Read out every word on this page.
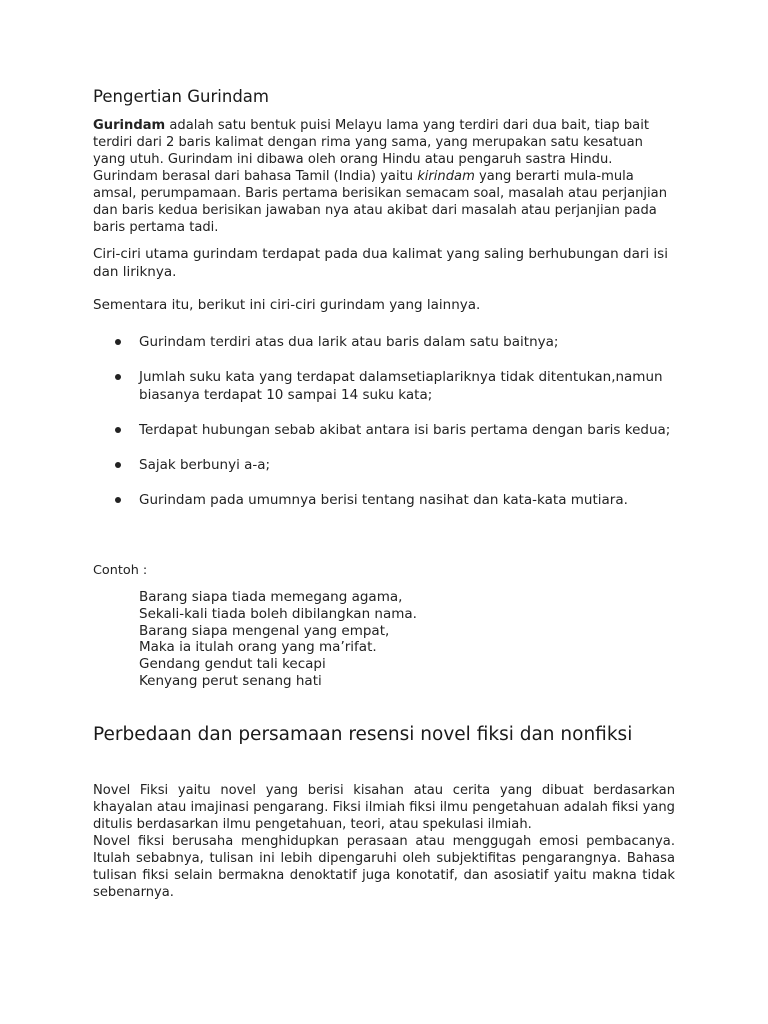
Pengertian Gurindam
Gurindam adalah satu bentuk puisi Melayu lama yang terdiri dari dua bait, tiap bait terdiri dari 2 baris kalimat dengan rima yang sama, yang merupakan satu kesatuan yang utuh. Gurindam ini dibawa oleh orang Hindu atau pengaruh sastra Hindu. Gurindam berasal dari bahasa Tamil (India) yaitu kirindam yang berarti mula-mula amsal, perumpamaan. Baris pertama berisikan semacam soal, masalah atau perjanjian dan baris kedua berisikan jawaban nya atau akibat dari masalah atau perjanjian pada baris pertama tadi.
Ciri-ciri utama gurindam terdapat pada dua kalimat yang saling berhubungan dari isi dan liriknya.
Sementara itu, berikut ini ciri-ciri gurindam yang lainnya.
Gurindam terdiri atas dua larik atau baris dalam satu baitnya;
Jumlah suku kata yang terdapat dalamsetiaplariknya tidak ditentukan,namun biasanya terdapat 10 sampai 14 suku kata;
Terdapat hubungan sebab akibat antara isi baris pertama dengan baris kedua;
Sajak berbunyi a-a;
Gurindam pada umumnya berisi tentang nasihat dan kata-kata mutiara.
Contoh :
Barang siapa tiada memegang agama,
Sekali-kali tiada boleh dibilangkan nama.
Barang siapa mengenal yang empat,
Maka ia itulah orang yang ma’rifat.
Gendang gendut tali kecapi
Kenyang perut senang hati
Perbedaan dan persamaan resensi novel fiksi dan nonfiksi

Novel Fiksi yaitu novel yang berisi kisahan atau cerita yang dibuat berdasarkan khayalan atau imajinasi pengarang. Fiksi ilmiah fiksi ilmu pengetahuan adalah fiksi yang ditulis berdasarkan ilmu pengetahuan, teori, atau spekulasi ilmiah.

Novel fiksi berusaha menghidupkan perasaan atau menggugah emosi pembacanya. Itulah sebabnya, tulisan ini lebih dipengaruhi oleh subjektifitas pengarangnya. Bahasa tulisan fiksi selain bermakna denoktatif juga konotatif, dan asosiatif yaitu makna tidak sebenarnya.
